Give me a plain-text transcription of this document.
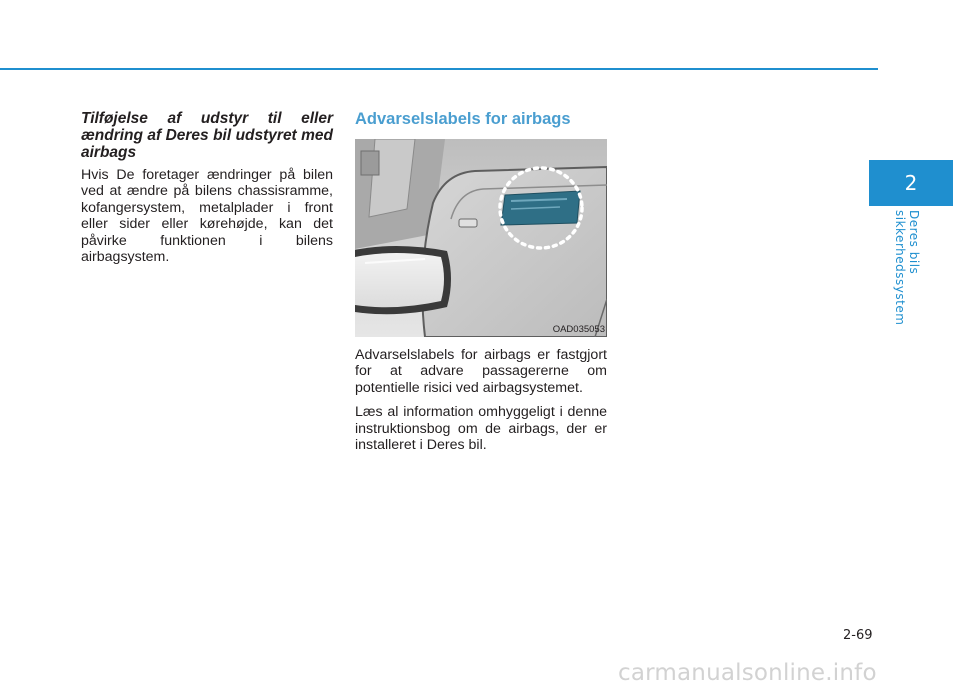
Tilføjelse af udstyr til eller ændring af Deres bil udstyret med airbags

Hvis De foretager ændringer på bilen ved at ændre på bilens chassisramme, kofangersystem, metalplader i front eller sider eller kørehøjde, kan det påvirke funktionen i bilens airbagsystem.

Advarselslabels for airbags
OAD035053

Advarselslabels for airbags er fastgjort for at advare passagererne om potentielle risici ved airbagsystemet.

Læs al information omhyggeligt i denne instruktionsbog om de airbags, der er installeret i Deres bil.

2
Deres bils sikkerhedssystem
2-69
carmanualsonline.info
